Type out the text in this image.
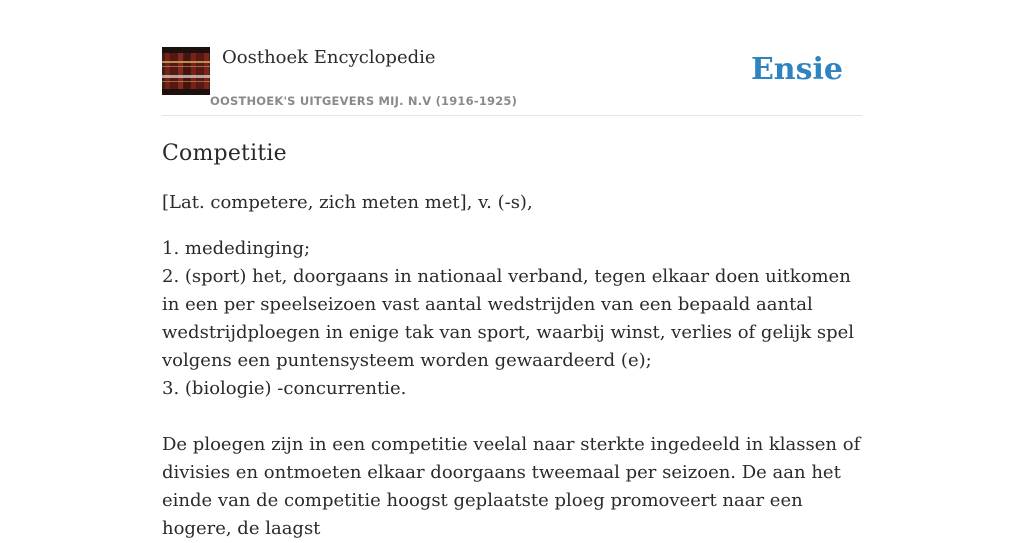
Oosthoek Encyclopedie
OOSTHOEK'S UITGEVERS MIJ. N.V (1916-1925)
Ensie
Competitie

[Lat. competere, zich meten met], v. (-s),

1. mededinging;
2. (sport) het, doorgaans in nationaal verband, tegen elkaar doen uitkomen in een per speelseizoen vast aantal wedstrijden van een bepaald aantal wedstrijdploegen in enige tak van sport, waarbij winst, verlies of gelijk spel volgens een puntensysteem worden gewaardeerd (e);
3. (biologie) -concurrentie.

De ploegen zijn in een competitie veelal naar sterkte ingedeeld in klassen of divisies en ontmoeten elkaar doorgaans tweemaal per seizoen. De aan het einde van de competitie hoogst geplaatste ploeg promoveert naar een hogere, de laagst
